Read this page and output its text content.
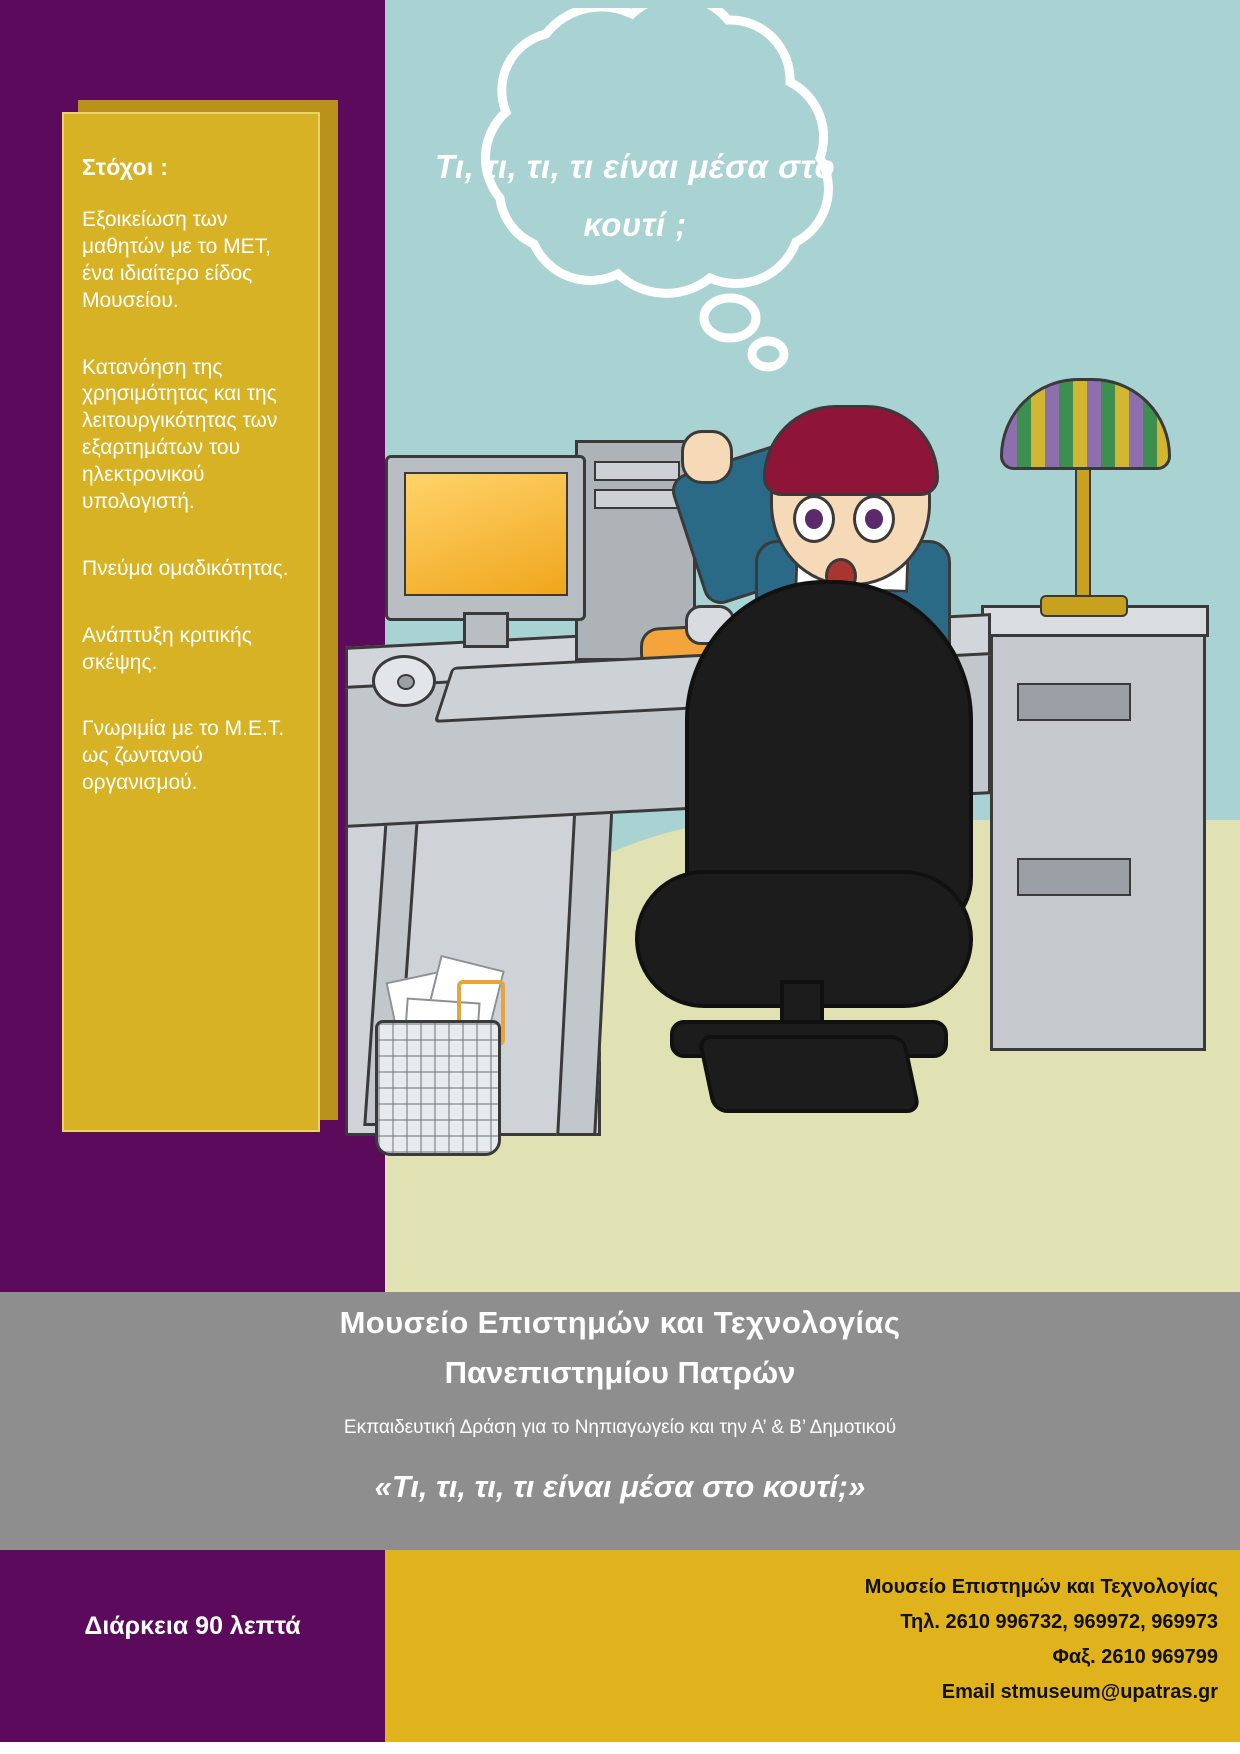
Τι, τι, τι, τι είναι μέσα στο κουτί ;
Στόχοι :
Εξοικείωση των μαθητών με το ΜΕΤ, ένα ιδιαίτερο είδος Μουσείου.
Κατανόηση της χρησιμότητας και της λειτουργικότητας των εξαρτημάτων του ηλεκτρονικού υπολογιστή.
Πνεύμα ομαδικότητας.
Ανάπτυξη κριτικής σκέψης.
Γνωριμία με το Μ.Ε.Τ. ως ζωντανού οργανισμού.
Μουσείο Επιστημών και Τεχνολογίας
Πανεπιστημίου Πατρών
Εκπαιδευτική Δράση για το Νηπιαγωγείο και την Α’ & Β’ Δημοτικού
«Τι, τι, τι, τι είναι μέσα στο κουτί;»
Διάρκεια 90 λεπτά
Μουσείο Επιστημών και Τεχνολογίας
Τηλ. 2610 996732, 969972, 969973
Φαξ. 2610 969799
Email stmuseum@upatras.gr
